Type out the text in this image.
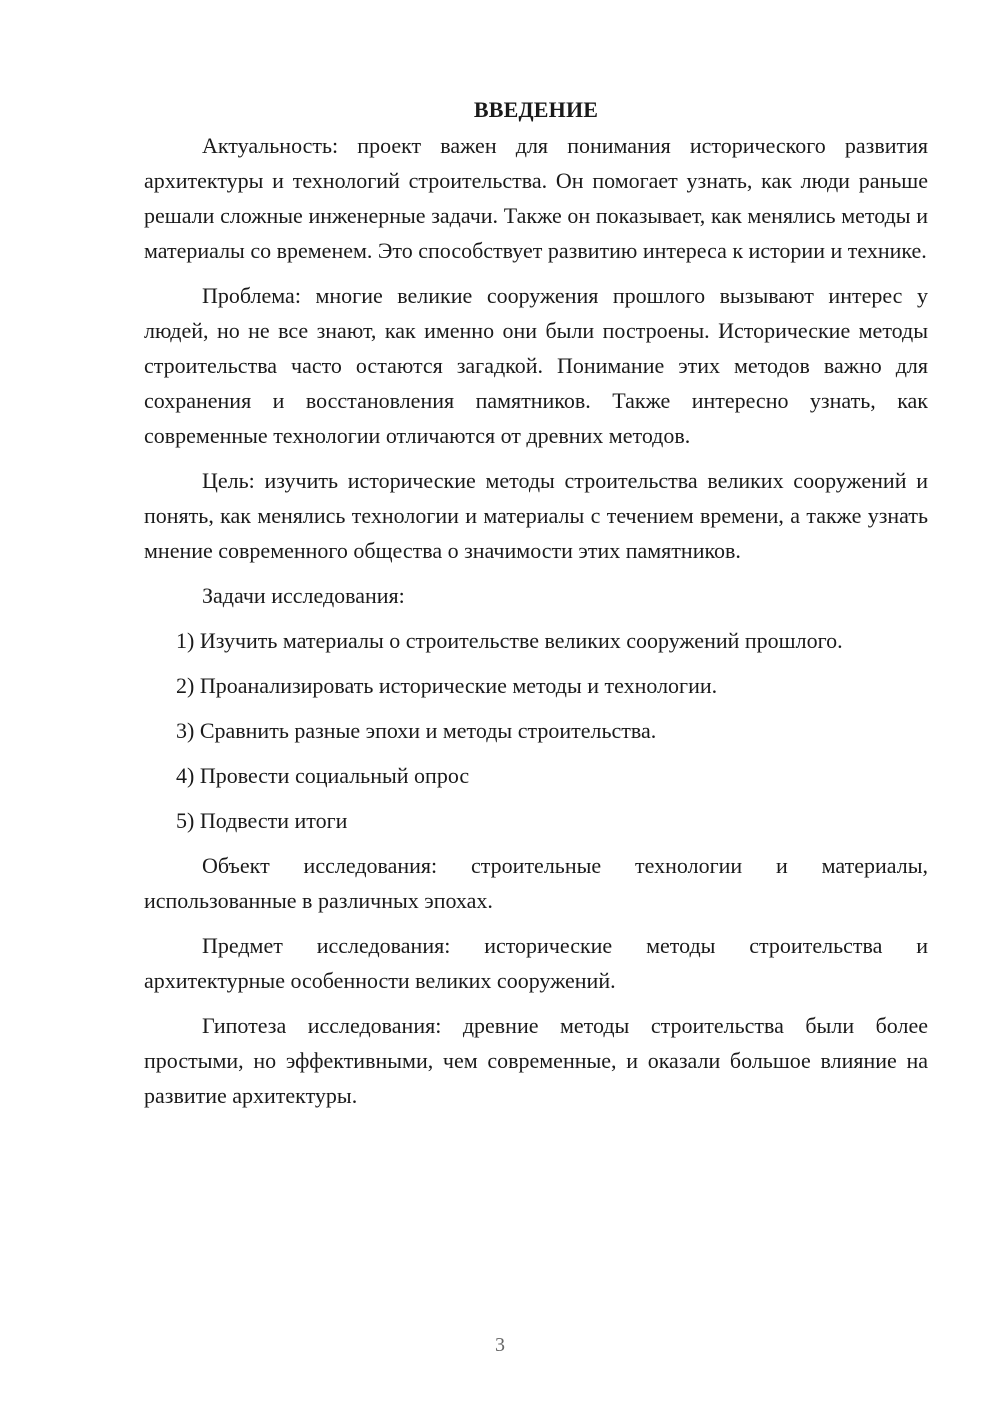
ВВЕДЕНИЕ

Актуальность: проект важен для понимания исторического развития архитектуры и технологий строительства. Он помогает узнать, как люди раньше решали сложные инженерные задачи. Также он показывает, как менялись методы и материалы со временем. Это способствует развитию интереса к истории и технике.

Проблема: многие великие сооружения прошлого вызывают интерес у людей, но не все знают, как именно они были построены. Исторические методы строительства часто остаются загадкой. Понимание этих методов важно для сохранения и восстановления памятников. Также интересно узнать, как современные технологии отличаются от древних методов.

Цель: изучить исторические методы строительства великих сооружений и понять, как менялись технологии и материалы с течением времени, а также узнать мнение современного общества о значимости этих памятников.

Задачи исследования:

1) Изучить материалы о строительстве великих сооружений прошлого.

2) Проанализировать исторические методы и технологии.

3) Сравнить разные эпохи и методы строительства.

4) Провести социальный опрос

5) Подвести итоги

Объект исследования: строительные технологии и материалы, использованные в различных эпохах.

Предмет исследования: исторические методы строительства и архитектурные особенности великих сооружений.

Гипотеза исследования: древние методы строительства были более простыми, но эффективными, чем современные, и оказали большое влияние на развитие архитектуры.

3
